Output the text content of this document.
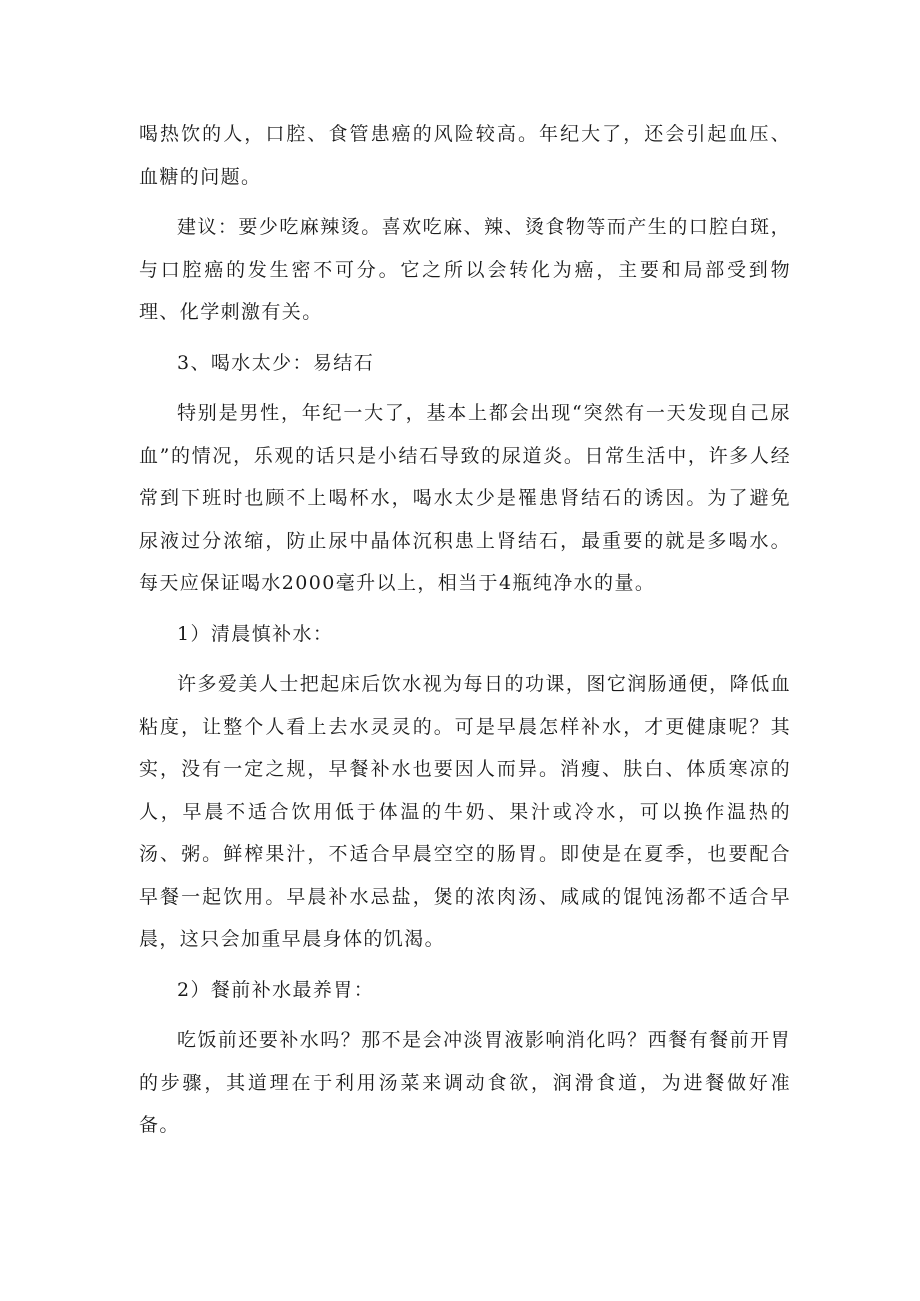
喝热饮的人，口腔、食管患癌的风险较高。年纪大了，还会引起血压、血糖的问题。

建议：要少吃麻辣烫。喜欢吃麻、辣、烫食物等而产生的口腔白斑，与口腔癌的发生密不可分。它之所以会转化为癌，主要和局部受到物理、化学刺激有关。

3、喝水太少：易结石

特别是男性，年纪一大了，基本上都会出现“突然有一天发现自己尿血”的情况，乐观的话只是小结石导致的尿道炎。日常生活中，许多人经常到下班时也顾不上喝杯水，喝水太少是罹患肾结石的诱因。为了避免尿液过分浓缩，防止尿中晶体沉积患上肾结石，最重要的就是多喝水。每天应保证喝水2000毫升以上，相当于4瓶纯净水的量。

1）清晨慎补水：

许多爱美人士把起床后饮水视为每日的功课，图它润肠通便，降低血粘度，让整个人看上去水灵灵的。可是早晨怎样补水，才更健康呢？其实，没有一定之规，早餐补水也要因人而异。消瘦、肤白、体质寒凉的人，早晨不适合饮用低于体温的牛奶、果汁或冷水，可以换作温热的汤、粥。鲜榨果汁，不适合早晨空空的肠胃。即使是在夏季，也要配合早餐一起饮用。早晨补水忌盐，煲的浓肉汤、咸咸的馄饨汤都不适合早晨，这只会加重早晨身体的饥渴。

2）餐前补水最养胃：

吃饭前还要补水吗？那不是会冲淡胃液影响消化吗？西餐有餐前开胃的步骤，其道理在于利用汤菜来调动食欲，润滑食道，为进餐做好准备。
